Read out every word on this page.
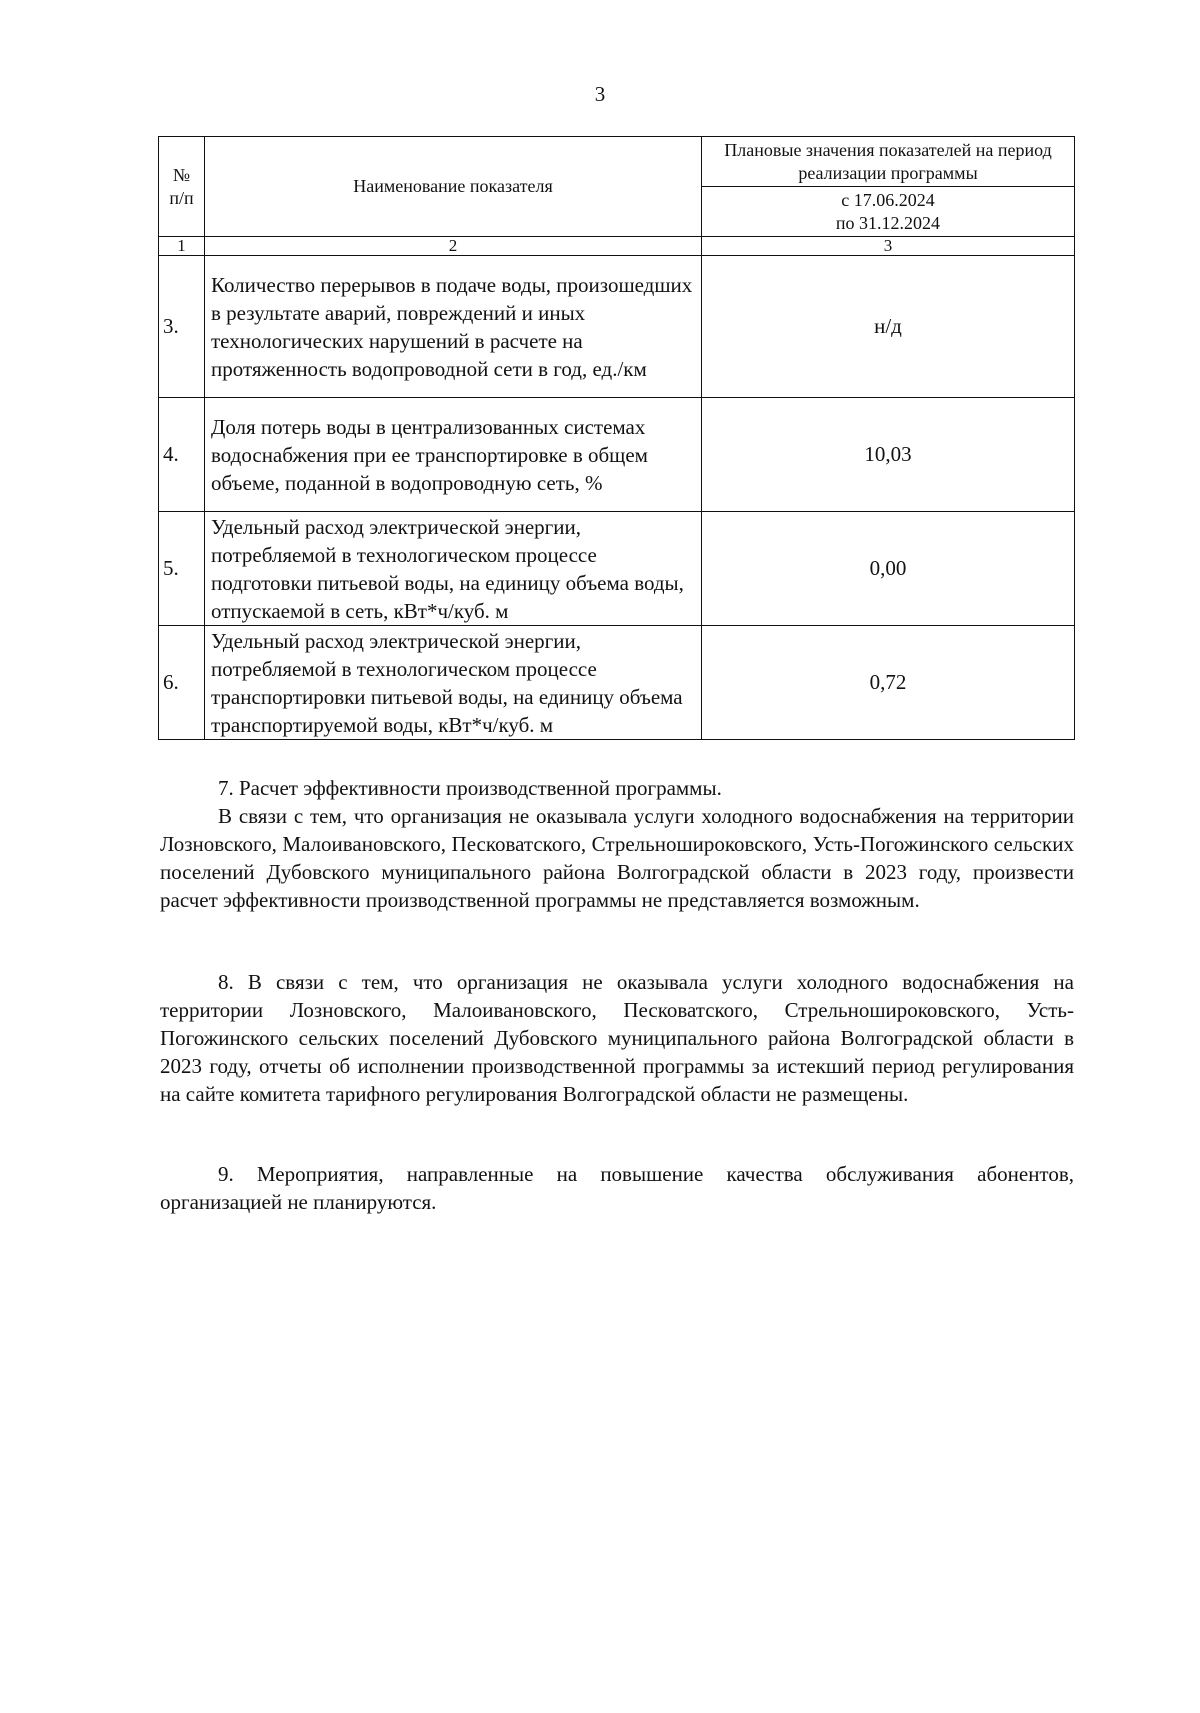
3
№
п/п	Наименование показателя	Плановые значения показателей на период реализации программы
		с 17.06.2024
по 31.12.2024
1	2	3
3.	Количество перерывов в подаче воды, произошедших в результате аварий, повреждений и иных технологических нарушений в расчете на протяженность водопроводной сети в год, ед./км	н/д
4.	Доля потерь воды в централизованных системах водоснабжения при ее транспортировке в общем объеме, поданной в водопроводную сеть, %	10,03
5.	Удельный расход электрической энергии, потребляемой в технологическом процессе подготовки питьевой воды, на единицу объема воды, отпускаемой в сеть, кВт*ч/куб. м	0,00
6.	Удельный расход электрической энергии, потребляемой в технологическом процессе транспортировки питьевой воды, на единицу объема транспортируемой воды, кВт*ч/куб. м	0,72

7. Расчет эффективности производственной программы.

В связи с тем, что организация не оказывала услуги холодного водоснабжения на территории Лозновского, Малоивановского, Песковатского, Стрельношироковского, Усть-Погожинского сельских поселений Дубовского муниципального района Волгоградской области в 2023 году, произвести расчет эффективности производственной программы не представляется возможным.

8. В связи с тем, что организация не оказывала услуги холодного водоснабжения на территории Лозновского, Малоивановского, Песковатского, Стрельношироковского, Усть-Погожинского сельских поселений Дубовского муниципального района Волгоградской области в 2023 году, отчеты об исполнении производственной программы за истекший период регулирования на сайте комитета тарифного регулирования Волгоградской области не размещены.

9. Мероприятия, направленные на повышение качества обслуживания абонентов, организацией не планируются.
